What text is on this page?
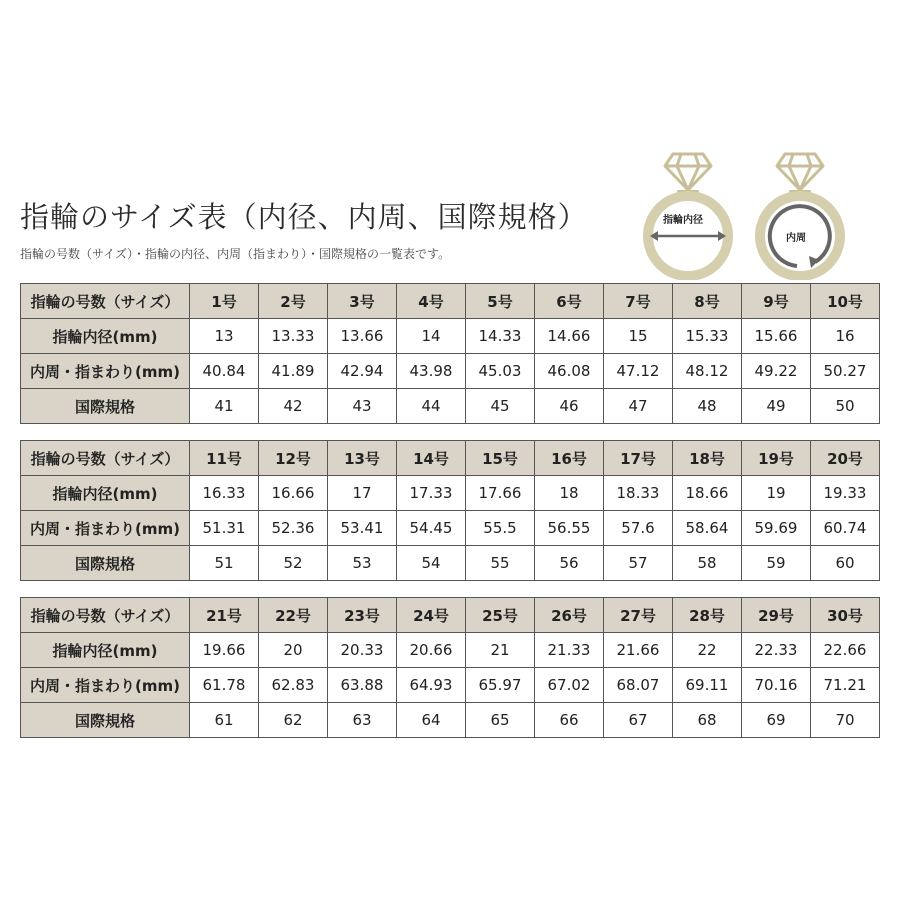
指輪のサイズ表（内径、内周、国際規格）
指輪の号数（サイズ）・指輪の内径、内周（指まわり）・国際規格の一覧表です。
指輪内径
内周
指輪の号数（サイズ）	1号	2号	3号	4号	5号	6号	7号	8号	9号	10号
指輪内径(mm)	13	13.33	13.66	14	14.33	14.66	15	15.33	15.66	16
内周・指まわり(mm)	40.84	41.89	42.94	43.98	45.03	46.08	47.12	48.12	49.22	50.27
国際規格	41	42	43	44	45	46	47	48	49	50
指輪の号数（サイズ）	11号	12号	13号	14号	15号	16号	17号	18号	19号	20号
指輪内径(mm)	16.33	16.66	17	17.33	17.66	18	18.33	18.66	19	19.33
内周・指まわり(mm)	51.31	52.36	53.41	54.45	55.5	56.55	57.6	58.64	59.69	60.74
国際規格	51	52	53	54	55	56	57	58	59	60
指輪の号数（サイズ）	21号	22号	23号	24号	25号	26号	27号	28号	29号	30号
指輪内径(mm)	19.66	20	20.33	20.66	21	21.33	21.66	22	22.33	22.66
内周・指まわり(mm)	61.78	62.83	63.88	64.93	65.97	67.02	68.07	69.11	70.16	71.21
国際規格	61	62	63	64	65	66	67	68	69	70
